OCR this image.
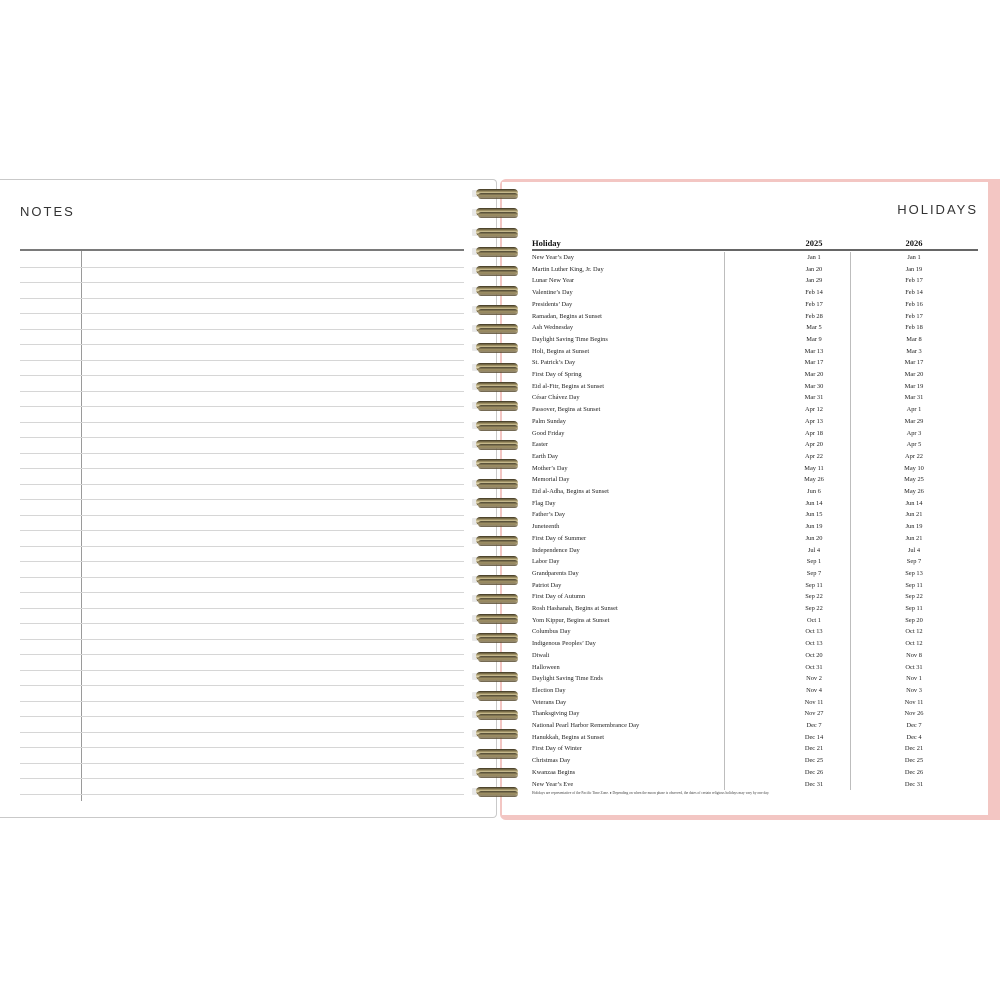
NOTES	HOLIDAYS
Holiday	2025	2026
New Year’s Day	Jan 1	Jan 1
Martin Luther King, Jr. Day	Jan 20	Jan 19
Lunar New Year	Jan 29	Feb 17
Valentine’s Day	Feb 14	Feb 14
Presidents’ Day	Feb 17	Feb 16
Ramadan, Begins at Sunset	Feb 28	Feb 17
Ash Wednesday	Mar 5	Feb 18
Daylight Saving Time Begins	Mar 9	Mar 8
Holi, Begins at Sunset	Mar 13	Mar 3
St. Patrick’s Day	Mar 17	Mar 17
First Day of Spring	Mar 20	Mar 20
Eid al-Fitr, Begins at Sunset	Mar 30	Mar 19
César Chávez Day	Mar 31	Mar 31
Passover, Begins at Sunset	Apr 12	Apr 1
Palm Sunday	Apr 13	Mar 29
Good Friday	Apr 18	Apr 3
Easter	Apr 20	Apr 5
Earth Day	Apr 22	Apr 22
Mother’s Day	May 11	May 10
Memorial Day	May 26	May 25
Eid al-Adha, Begins at Sunset	Jun 6	May 26
Flag Day	Jun 14	Jun 14
Father’s Day	Jun 15	Jun 21
Juneteenth	Jun 19	Jun 19
First Day of Summer	Jun 20	Jun 21
Independence Day	Jul 4	Jul 4
Labor Day	Sep 1	Sep 7
Grandparents Day	Sep 7	Sep 13
Patriot Day	Sep 11	Sep 11
First Day of Autumn	Sep 22	Sep 22
Rosh Hashanah, Begins at Sunset	Sep 22	Sep 11
Yom Kippur, Begins at Sunset	Oct 1	Sep 20
Columbus Day	Oct 13	Oct 12
Indigenous Peoples’ Day	Oct 13	Oct 12
Diwali	Oct 20	Nov 8
Halloween	Oct 31	Oct 31
Daylight Saving Time Ends	Nov 2	Nov 1
Election Day	Nov 4	Nov 3
Veterans Day	Nov 11	Nov 11
Thanksgiving Day	Nov 27	Nov 26
National Pearl Harbor Remembrance Day	Dec 7	Dec 7
Hanukkah, Begins at Sunset	Dec 14	Dec 4
First Day of Winter	Dec 21	Dec 21
Christmas Day	Dec 25	Dec 25
Kwanzaa Begins	Dec 26	Dec 26
New Year’s Eve	Dec 31	Dec 31
Holidays are representative of the Pacific Time Zone. ♦ Depending on when the moon phase is observed, the dates of certain religious holidays may vary by one day.
